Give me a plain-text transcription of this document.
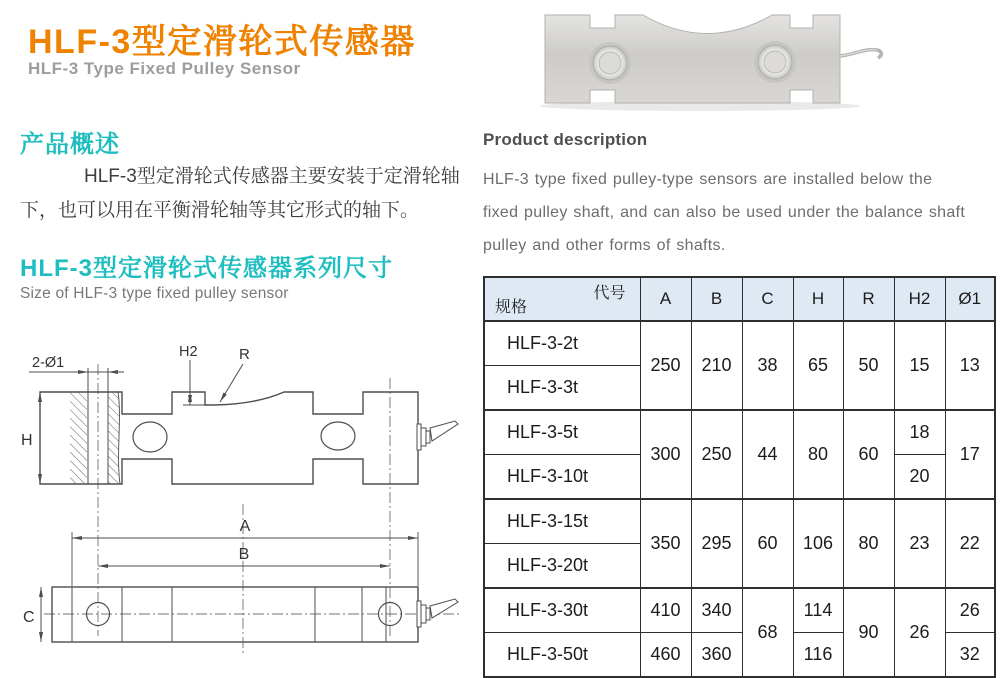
HLF-3型定滑轮式传感器
HLF-3 Type Fixed Pulley Sensor
产品概述
HLF-3型定滑轮式传感器主要安装于定滑轮轴
下，也可以用在平衡滑轮轴等其它形式的轴下。
Product description
HLF-3 type fixed pulley-type sensors are installed below the
fixed pulley shaft, and can also be used under the balance shaft
pulley and other forms of shafts.
HLF-3型定滑轮式传感器系列尺寸
Size of HLF-3 type fixed pulley sensor
2-Ø1
H2	R
H
A
B
C
代号
规格	A	B	C	H	R	H2	Ø1
HLF-3-2t	250	210	38	65	50	15	13
HLF-3-3t							
HLF-3-5t	300	250	44	80	60	18	17
HLF-3-10t						20	
HLF-3-15t	350	295	60	106	80	23	22
HLF-3-20t							
HLF-3-30t	410	340	68	114	90	26	26
HLF-3-50t	460	360		116			32
